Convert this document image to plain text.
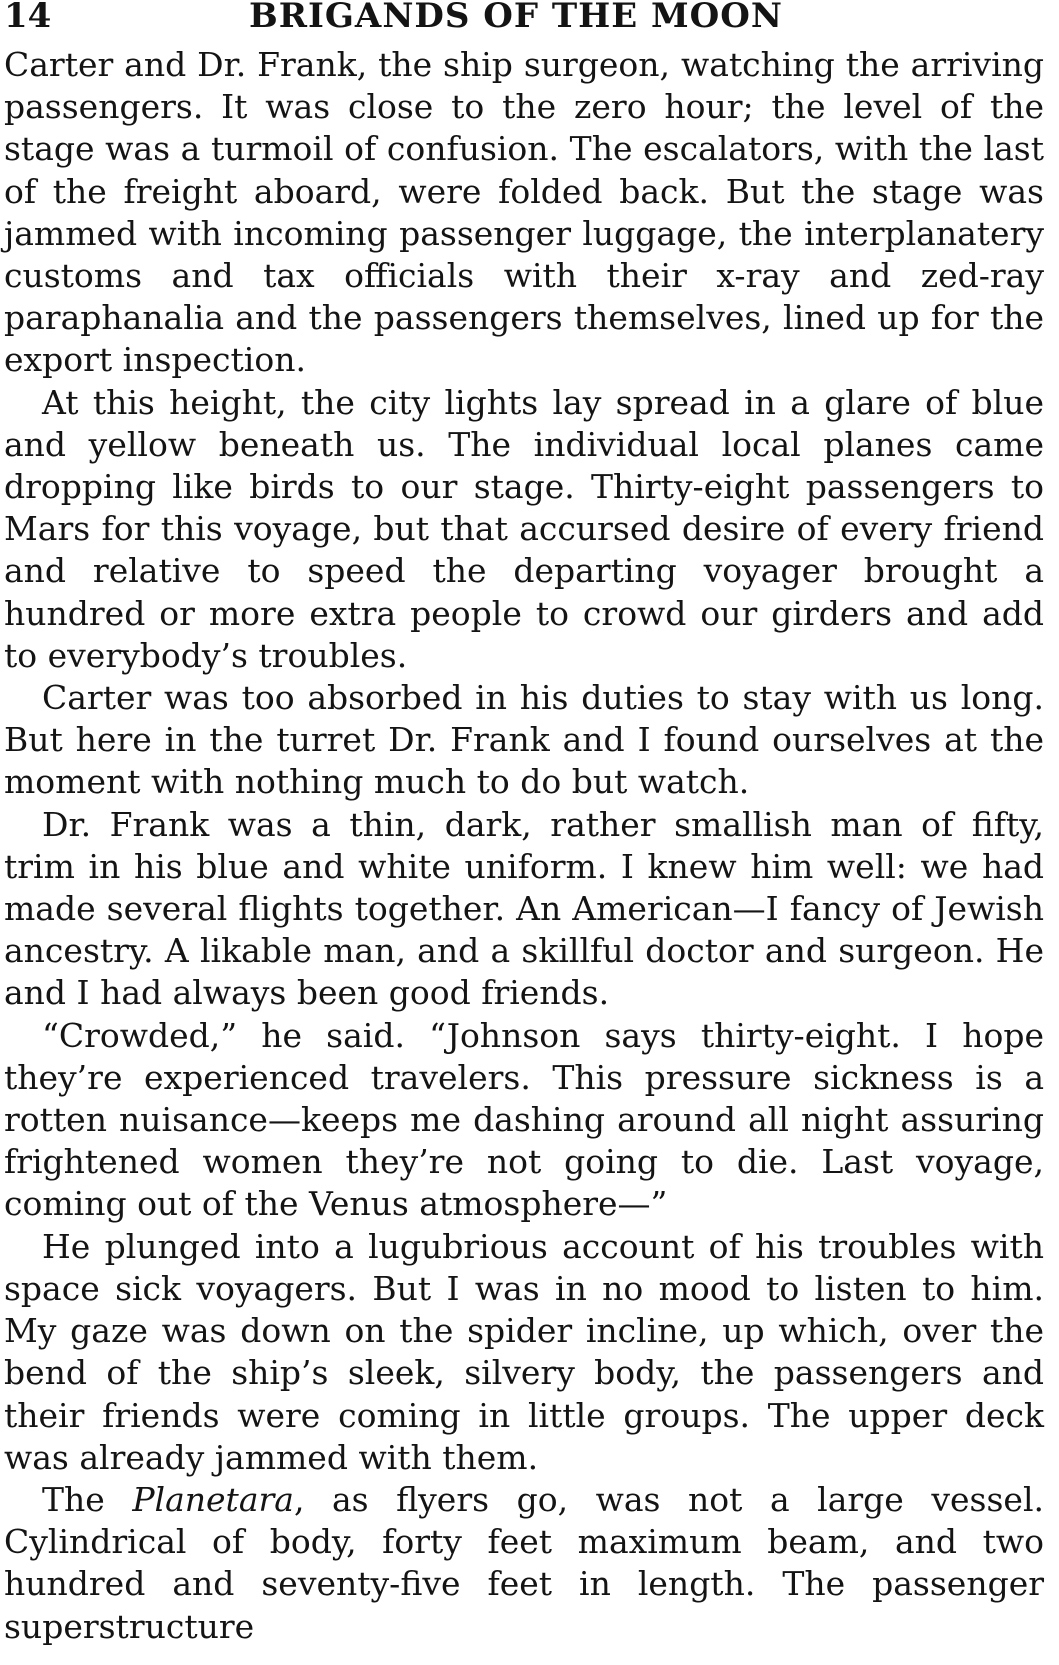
14	BRIGANDS OF THE MOON

Carter and Dr. Frank, the ship surgeon, watching the arriving passengers. It was close to the zero hour; the level of the stage was a turmoil of confusion. The escalators, with the last of the freight aboard, were folded back. But the stage was jammed with incoming passenger luggage, the interplanatery customs and tax officials with their x-ray and zed-ray paraphanalia and the passengers themselves, lined up for the export inspection.

At this height, the city lights lay spread in a glare of blue and yellow beneath us. The individual local planes came dropping like birds to our stage. Thirty-eight passengers to Mars for this voyage, but that accursed desire of every friend and relative to speed the departing voyager brought a hundred or more extra people to crowd our girders and add to everybody’s troubles.

Carter was too absorbed in his duties to stay with us long. But here in the turret Dr. Frank and I found ourselves at the moment with nothing much to do but watch.

Dr. Frank was a thin, dark, rather smallish man of fifty, trim in his blue and white uniform. I knew him well: we had made several flights together. An American—I fancy of Jewish ancestry. A likable man, and a skillful doctor and surgeon. He and I had always been good friends.

“Crowded,” he said. “Johnson says thirty-eight. I hope they’re experienced travelers. This pressure sickness is a rotten nuisance—keeps me dashing around all night assuring frightened women they’re not going to die. Last voyage, coming out of the Venus atmosphere—”

He plunged into a lugubrious account of his troubles with space sick voyagers. But I was in no mood to listen to him. My gaze was down on the spider incline, up which, over the bend of the ship’s sleek, silvery body, the passengers and their friends were coming in little groups. The upper deck was already jammed with them.

The Planetara, as flyers go, was not a large vessel. Cylindrical of body, forty feet maximum beam, and two hundred and seventy-five feet in length. The passenger superstructure
